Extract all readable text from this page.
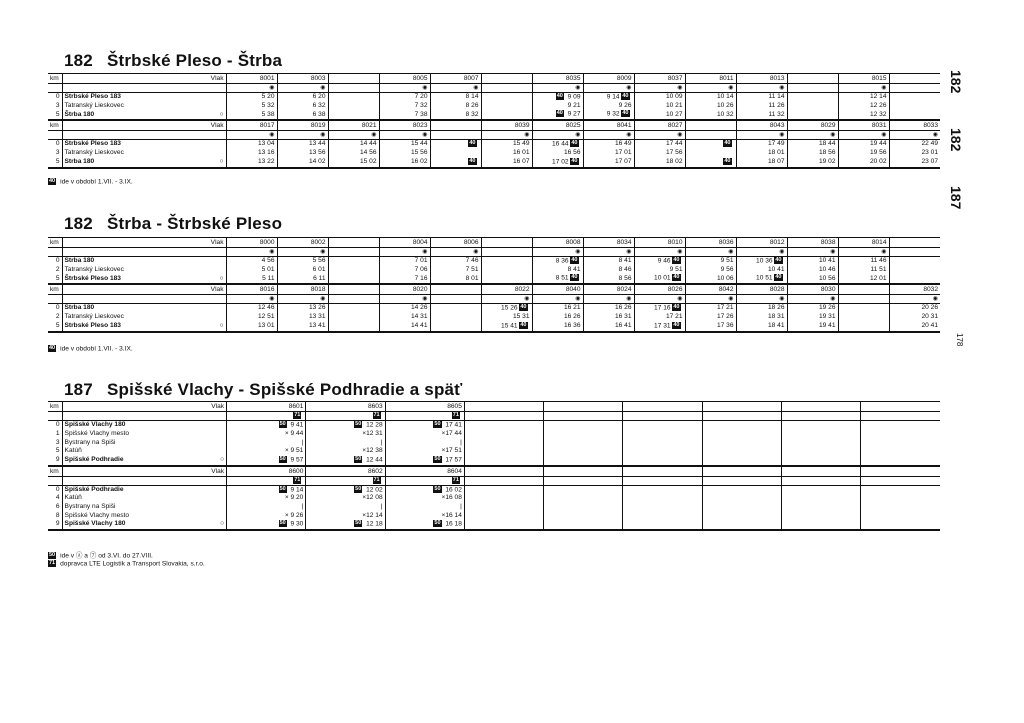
182 Štrbské Pleso - Štrba
km	Vlak	8001	8003		8005	8007		8035	8009	8037	8011	8013		8015	
		◉	◉		◉	◉		◉	◉	◉	◉	◉		◉	
0	Štrbské Pleso 183	5 20	6 20		7 20	8 14		40 9 09	9 14 40	10 09	10 14	11 14		12 14	
3	Tatranský Lieskovec	5 32	6 32		7 32	8 26		9 21	9 26	10 21	10 26	11 26		12 26	
5	Štrba 180 ○	5 38	6 38		7 38	8 32		40 9 27	9 32 40	10 27	10 32	11 32		12 32	
km	Vlak	8017	8019	8021	8023		8039	8025	8041	8027		8043	8029	8031	8033
		◉	◉	◉	◉		◉	◉	◉	◉		◉	◉	◉	◉
0	Štrbské Pleso 183	13 04	13 44	14 44	15 44	40	15 49	16 44 40	16 49	17 44	40	17 49	18 44	19 44	22 49
3	Tatranský Lieskovec	13 16	13 56	14 56	15 56		16 01	16 56	17 01	17 56		18 01	18 56	19 56	23 01
5	Štrba 180 ○	13 22	14 02	15 02	16 02	40	16 07	17 02 40	17 07	18 02	40	18 07	19 02	20 02	23 07
40 ide v období 1.VII. - 3.IX.
182 Štrba - Štrbské Pleso
km	Vlak	8000	8002		8004	8006		8008	8034	8010	8036	8012	8038	8014	
		◉	◉		◉	◉		◉	◉	◉	◉	◉	◉	◉	
0	Štrba 180	4 56	5 56		7 01	7 46		8 36 40	8 41	9 46 40	9 51	10 36 40	10 41	11 46	
2	Tatranský Lieskovec	5 01	6 01		7 06	7 51		8 41	8 46	9 51	9 56	10 41	10 46	11 51	
5	Štrbské Pleso 183 ○	5 11	6 11		7 16	8 01		8 51 40	8 56	10 01 40	10 06	10 51 40	10 56	12 01	
km	Vlak	8016	8018		8020		8022	8040	8024	8026	8042	8028	8030		8032
		◉	◉		◉		◉	◉	◉	◉	◉	◉	◉		◉
0	Štrba 180	12 46	13 26		14 26		15 26 40	16 21	16 26	17 16 40	17 21	18 26	19 26		20 26
2	Tatranský Lieskovec	12 51	13 31		14 31		15 31	16 26	16 31	17 21	17 26	18 31	19 31		20 31
5	Štrbské Pleso 183 ○	13 01	13 41		14 41		15 41 40	16 36	16 41	17 31 40	17 36	18 41	19 41		20 41
40 ide v období 1.VII. - 3.IX.
187 Spišské Vlachy - Spišské Podhradie a späť
km	Vlak	8601	8603	8605						
		71	71	71						
0	Spišské Vlachy 180	50 9 41	50 12 28	50 17 41						
1	Spišské Vlachy mesto	× 9 44	×12 31	×17 44						
3	Bystrany na Spiši	|	|	|						
5	Katúň	× 9 51	×12 38	×17 51						
9	Spišské Podhradie ○	50 9 57	50 12 44	50 17 57						
km	Vlak	8600	8602	8604						
		71	71	71						
0	Spišské Podhradie	50 9 14	50 12 02	50 16 02						
4	Katúň	× 9 20	×12 08	×16 08						
6	Bystrany na Spiši	|	|	|						
8	Spišské Vlachy mesto	× 9 26	×12 14	×16 14						
9	Spišské Vlachy 180 ○	50 9 30	50 12 18	50 16 18						
50 ide v ⓐ a ⑦ od 3.VI. do 27.VIII.
71 dopravca LTE Logistik a Transport Slovakia, s.r.o.
182
182
187
178
